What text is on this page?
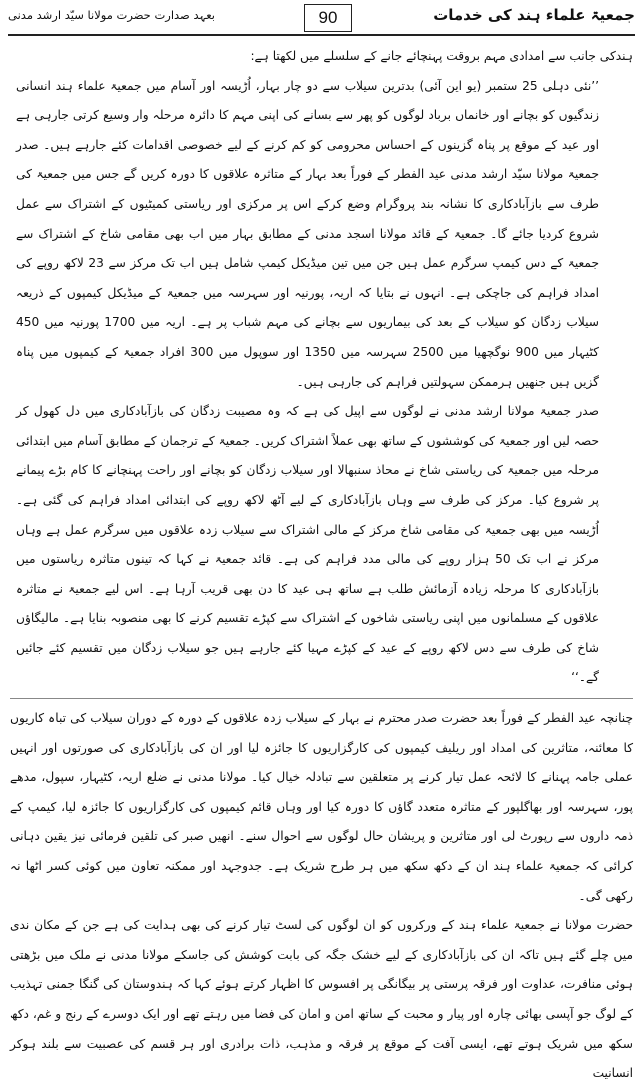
بعہد صدارت حضرت مولانا سیّد ارشد مدنی	90	جمعیۃ علماء ہند کی خدمات

ہندکی جانب سے امدادی مہم بروقت پہنچائے جانے کے سلسلے میں لکھتا ہے:

’’نئی دہلی 25 ستمبر (یو این آئی) بدترین سیلاب سے دو چار بہار، اُڑیسہ اور آسام میں جمعیۃ علماء ہند انسانی زندگیوں کو بچانے اور خانماں برباد لوگوں کو پھر سے بسانے کی اپنی مہم کا دائرہ مرحلہ وار وسیع کرتی جارہی ہے اور عید کے موقع پر پناہ گزینوں کے احساس محرومی کو کم کرنے کے لیے خصوصی اقدامات کئے جارہے ہیں۔ صدر جمعیۃ مولانا سیّد ارشد مدنی عید الفطر کے فوراً بعد بہار کے متاثرہ علاقوں کا دورہ کریں گے جس میں جمعیۃ کی طرف سے بازآبادکاری کا نشانہ بند پروگرام وضع کرکے اس پر مرکزی اور ریاستی کمیٹیوں کے اشتراک سے عمل شروع کردیا جائے گا۔ جمعیۃ کے قائد مولانا اسجد مدنی کے مطابق بہار میں اب بھی مقامی شاخ کے اشتراک سے جمعیۃ کے دس کیمپ سرگرم عمل ہیں جن میں تین میڈیکل کیمپ شامل ہیں اب تک مرکز سے 23 لاکھ روپے کی امداد فراہم کی جاچکی ہے۔ انہوں نے بتایا کہ اریہ، پورنیہ اور سہرسہ میں جمعیۃ کے میڈیکل کیمپوں کے ذریعہ سیلاب زدگان کو سیلاب کے بعد کی بیماریوں سے بچانے کی مہم شباب پر ہے۔ اریہ میں 1700 پورنیہ میں 450 کٹیہار میں 900 نوگچھیا میں 2500 سہرسہ میں 1350 اور سوپول میں 300 افراد جمعیۃ کے کیمپوں میں پناہ گزیں ہیں جنھیں ہرممکن سہولتیں فراہم کی جارہی ہیں۔

صدر جمعیۃ مولانا ارشد مدنی نے لوگوں سے اپیل کی ہے کہ وہ مصیبت زدگان کی بازآبادکاری میں دل کھول کر حصہ لیں اور جمعیۃ کی کوششوں کے ساتھ بھی عملاً اشتراک کریں۔ جمعیۃ کے ترجمان کے مطابق آسام میں ابتدائی مرحلہ میں جمعیۃ کی ریاستی شاخ نے محاذ سنبھالا اور سیلاب زدگان کو بچانے اور راحت پہنچانے کا کام بڑے پیمانے پر شروع کیا۔ مرکز کی طرف سے وہاں بازآبادکاری کے لیے آٹھ لاکھ روپے کی ابتدائی امداد فراہم کی گئی ہے۔ اُڑیسہ میں بھی جمعیۃ کی مقامی شاخ مرکز کے مالی اشتراک سے سیلاب زدہ علاقوں میں سرگرم عمل ہے وہاں مرکز نے اب تک 50 ہزار روپے کی مالی مدد فراہم کی ہے۔ قائد جمعیۃ نے کہا کہ تینوں متاثرہ ریاستوں میں بازآبادکاری کا مرحلہ زیادہ آزمائش طلب ہے ساتھ ہی عید کا دن بھی قریب آرہا ہے۔ اس لیے جمعیۃ نے متاثرہ علاقوں کے مسلمانوں میں اپنی ریاستی شاخوں کے اشتراک سے کپڑے تقسیم کرنے کا بھی منصوبہ بنایا ہے۔ مالیگاؤں شاخ کی طرف سے دس لاکھ روپے کے عید کے کپڑے مہیا کئے جارہے ہیں جو سیلاب زدگان میں تقسیم کئے جائیں گے۔‘‘

چنانچہ عید الفطر کے فوراً بعد حضرت صدر محترم نے بہار کے سیلاب زدہ علاقوں کے دورہ کے دوران سیلاب کی تباہ کاریوں کا معائنہ، متاثرین کی امداد اور ریلیف کیمپوں کی کارگزاریوں کا جائزہ لیا اور ان کی بازآبادکاری کی صورتوں اور انہیں عملی جامہ پہنانے کا لائحہ عمل تیار کرنے پر متعلقین سے تبادلہ خیال کیا۔ مولانا مدنی نے ضلع اریہ، کٹیہار، سپول، مدھے پور، سہرسہ اور بھاگلپور کے متاثرہ متعدد گاؤں کا دورہ کیا اور وہاں قائم کیمپوں کی کارگزاریوں کا جائزہ لیا، کیمپ کے ذمہ داروں سے رپورٹ لی اور متاثرین و پریشان حال لوگوں سے احوال سنے۔ انھیں صبر کی تلقین فرمائی نیز یقین دہانی کرائی کہ جمعیۃ علماء ہند ان کے دکھ سکھ میں ہر طرح شریک ہے۔ جدوجہد اور ممکنہ تعاون میں کوئی کسر اٹھا نہ رکھی گی۔

حضرت مولانا نے جمعیۃ علماء ہند کے ورکروں کو ان لوگوں کی لسٹ تیار کرنے کی بھی ہدایت کی ہے جن کے مکان ندی میں چلے گئے ہیں تاکہ ان کی بازآبادکاری کے لیے خشک جگہ کی بابت کوشش کی جاسکے مولانا مدنی نے ملک میں بڑھتی ہوئی منافرت، عداوت اور فرقہ پرستی پر بیگانگی پر افسوس کا اظہار کرتے ہوئے کہا کہ ہندوستان کی گنگا جمنی تہذیب کے لوگ جو آپسی بھائی چارہ اور پیار و محبت کے ساتھ امن و امان کی فضا میں رہتے تھے اور ایک دوسرے کے رنج و غم، دکھ سکھ میں شریک ہوتے تھے، ایسی آفت کے موقع پر فرقہ و مذہب، ذات برادری اور ہر قسم کی عصبیت سے بلند ہوکر انسانیت
